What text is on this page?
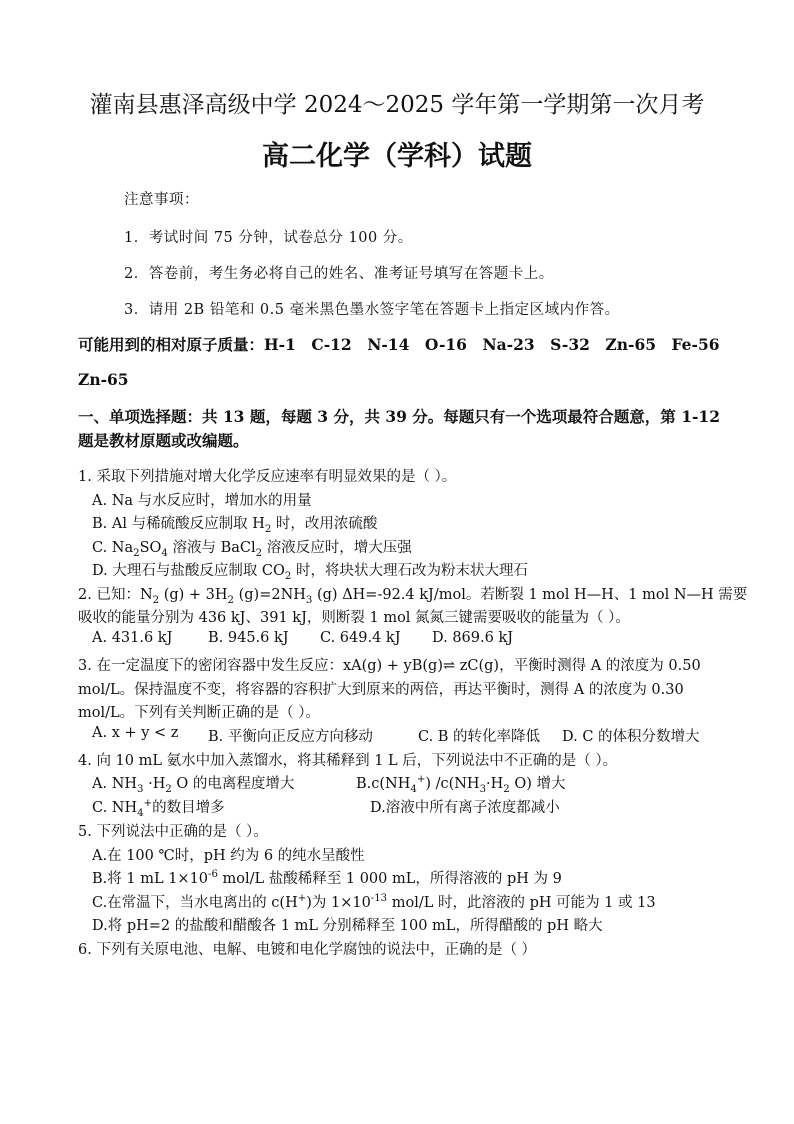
灌南县惠泽高级中学 2024～2025 学年第一学期第一次月考
高二化学（学科）试题
注意事项：
1．考试时间 75 分钟，试卷总分 100 分。
2．答卷前，考生务必将自己的姓名、准考证号填写在答题卡上。
3．请用 2B 铅笔和 0.5 毫米黑色墨水签字笔在答题卡上指定区域内作答。
可能用到的相对原子质量：H-1　C-12　N-14　O-16　Na-23　S-32　Zn-65　Fe-56
Zn-65
一、单项选择题：共 13 题，每题 3 分，共 39 分。每题只有一个选项最符合题意，第 1-12
题是教材原题或改编题。
1. 采取下列措施对增大化学反应速率有明显效果的是（ ）。
A. Na 与水反应时，增加水的用量
B. Al 与稀硫酸反应制取 $H_2$ 时，改用浓硫酸
C. $Na_2SO_4$ 溶液与 BaCl$_2$ 溶液反应时，增大压强
D. 大理石与盐酸反应制取 $CO_2$ 时，将块状大理石改为粉末状大理石
2. 已知：$N_2$ $(g) + 3H_2$ $(g)=2NH_3$ (g) ΔH=-92.4 kJ/mol。若断裂 1 mol H—H、1 mol N—H 需要
吸收的能量分别为 436 kJ、391 kJ，则断裂 1 mol 氮氮三键需要吸收的能量为（ ）。
A. 431.6 kJ B. 945.6 kJ C. 649.4 kJ D. 869.6 kJ
3. 在一定温度下的密闭容器中发生反应：xA(g) + yB(g)⇌ zC(g)，平衡时测得 A 的浓度为 0.50
mol/L。保持温度不变，将容器的容积扩大到原来的两倍，再达平衡时，测得 A 的浓度为 0.30
mol/L。下列有关判断正确的是（ ）。
A. x + y < z B. 平衡向正反应方向移动	C. B 的转化率降低 D. C 的体积分数增大
4. 向 10 mL 氨水中加入蒸馏水，将其稀释到 1 L 后，下列说法中不正确的是（ ）。
A. $NH_3 \cdot H_2$ O 的电离程度增大	$B.c(NH_4^+)$ $/c(NH_3\cdot H_2$ O) 增大
C. $NH_4^+$的数目增多	D.溶液中所有离子浓度都减小
5. 下列说法中正确的是（ ）。
A.在 100 ℃时，pH 约为 6 的纯水呈酸性
B.将 1 mL $1\times 10^{-6}$ mol/L 盐酸稀释至 1 000 mL，所得溶液的 pH 为 9
C.在常温下，当水电离出的 c(H+)为 $1\times 10^{-13}$ mol/L 时，此溶液的 pH 可能为 1 或 13
D.将 pH=2 的盐酸和醋酸各 1 mL 分别稀释至 100 mL，所得醋酸的 pH 略大
6. 下列有关原电池、电解、电镀和电化学腐蚀的说法中，正确的是（ ）
